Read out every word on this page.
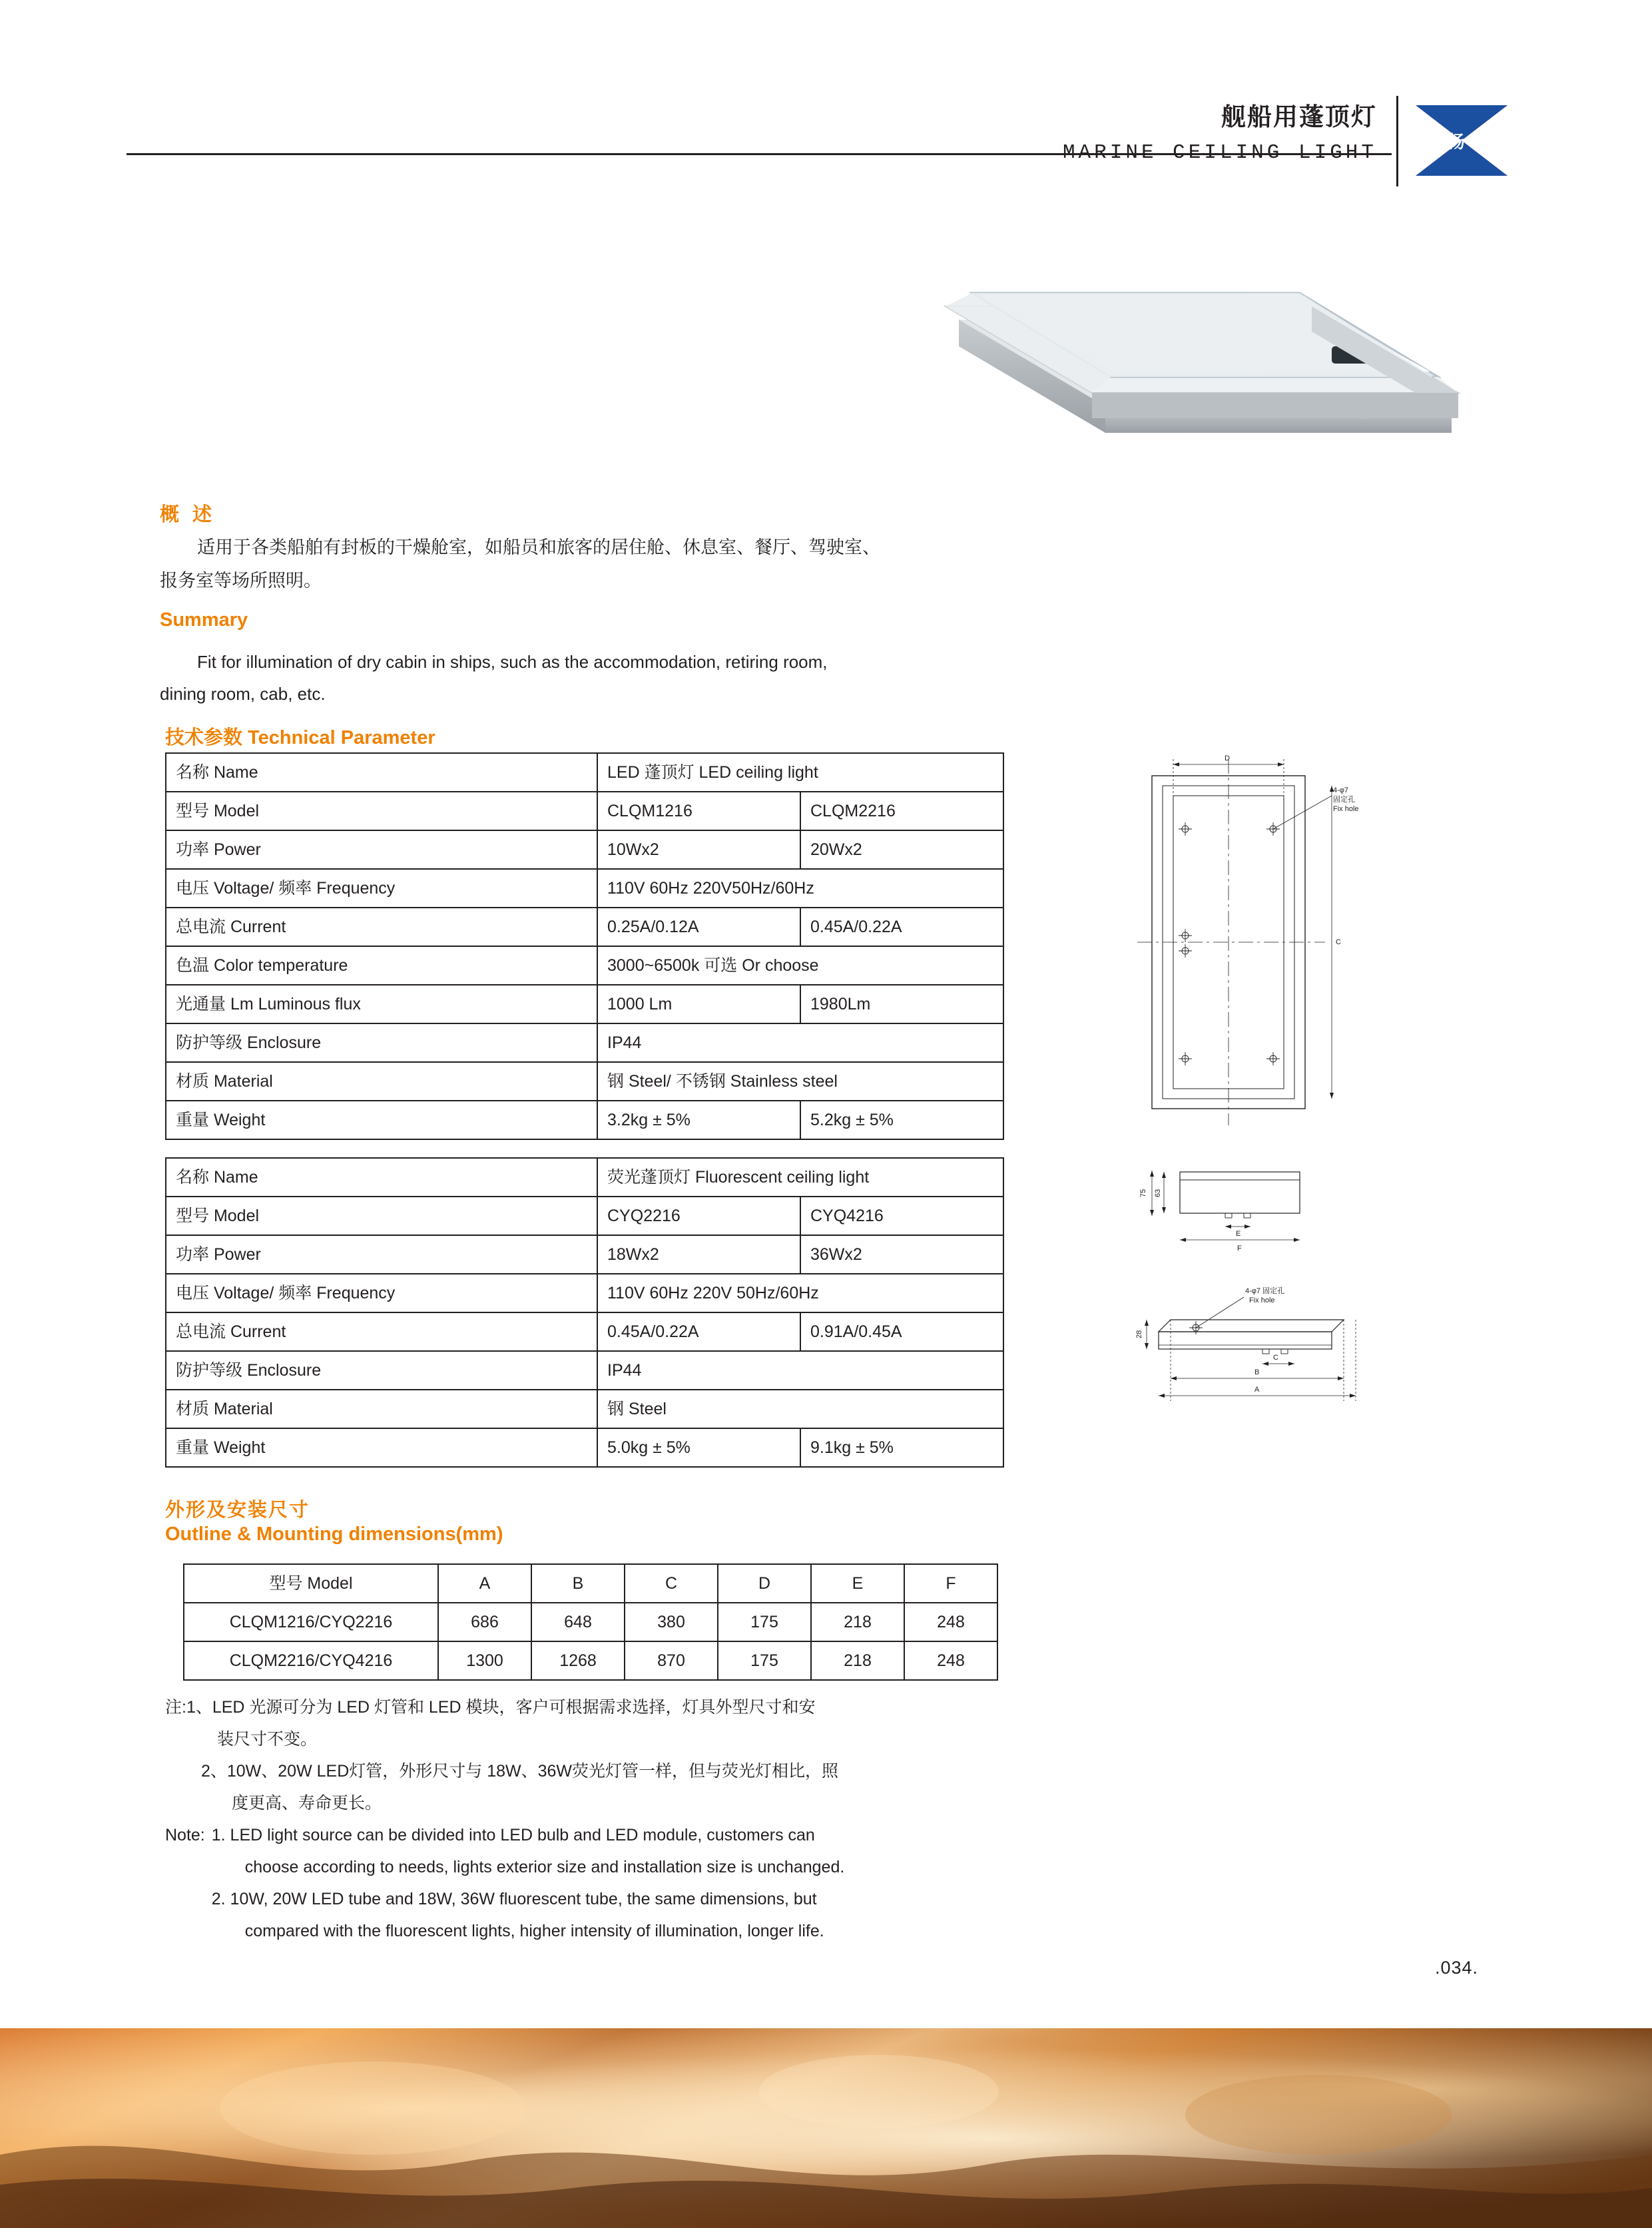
舰船用蓬顶灯
MARINE CEILING LIGHT	扬
扬	帆
概 述

适用于各类船舶有封板的干燥舱室，如船员和旅客的居住舱、休息室、餐厅、驾驶室、
报务室等场所照明。

Summary

Fit for illumination of dry cabin in ships, such as the accommodation, retiring room,
dining room, cab, etc.

技术参数 Technical Parameter
名称 Name	LED 蓬顶灯 LED ceiling light	
型号 Model	CLQM1216	CLQM2216
功率 Power	10Wx2	20Wx2
电压 Voltage/ 频率 Frequency	110V 60Hz 220V50Hz/60Hz	
总电流 Current	0.25A/0.12A	0.45A/0.22A
色温 Color temperature	3000~6500k 可选 Or choose	
光通量 Lm Luminous flux	1000 Lm	1980Lm
防护等级 Enclosure	IP44	
材质 Material	钢 Steel/ 不锈钢 Stainless steel	
重量 Weight	3.2kg ± 5%	5.2kg ± 5%
名称 Name	荧光蓬顶灯 Fluorescent ceiling light	
型号 Model	CYQ2216	CYQ4216
功率 Power	18Wx2	36Wx2
电压 Voltage/ 频率 Frequency	110V 60Hz 220V 50Hz/60Hz	
总电流 Current	0.45A/0.22A	0.91A/0.45A
防护等级 Enclosure	IP44	
材质 Material	钢 Steel	
重量 Weight	5.0kg ± 5%	9.1kg ± 5%
外形及安装尺寸
Outline & Mounting dimensions(mm)
型号 Model	A	B	C	D	E	F
CLQM1216/CYQ2216	686	648	380	175	218	248
CLQM2216/CYQ4216	1300	1268	870	175	218	248
注: 1、LED 光源可分为 LED 灯管和 LED 模块，客户可根据需求选择，灯具外型尺寸和安
装尺寸不变。
2、10W、20W LED灯管，外形尺寸与 18W、36W荧光灯管一样，但与荧光灯相比，照
度更高、寿命更长。
Note: 1. LED light source can be divided into LED bulb and LED module, customers can
choose according to needs, lights exterior size and installation size is unchanged.
2. 10W, 20W LED tube and 18W, 36W fluorescent tube, the same dimensions, but
compared with the fluorescent lights, higher intensity of illumination, longer life.
4-φ7
固定孔
Fix hole
D
C
75 63
E
F
4-φ7 固定孔
Fix hole
28
C
B
A
.034.
